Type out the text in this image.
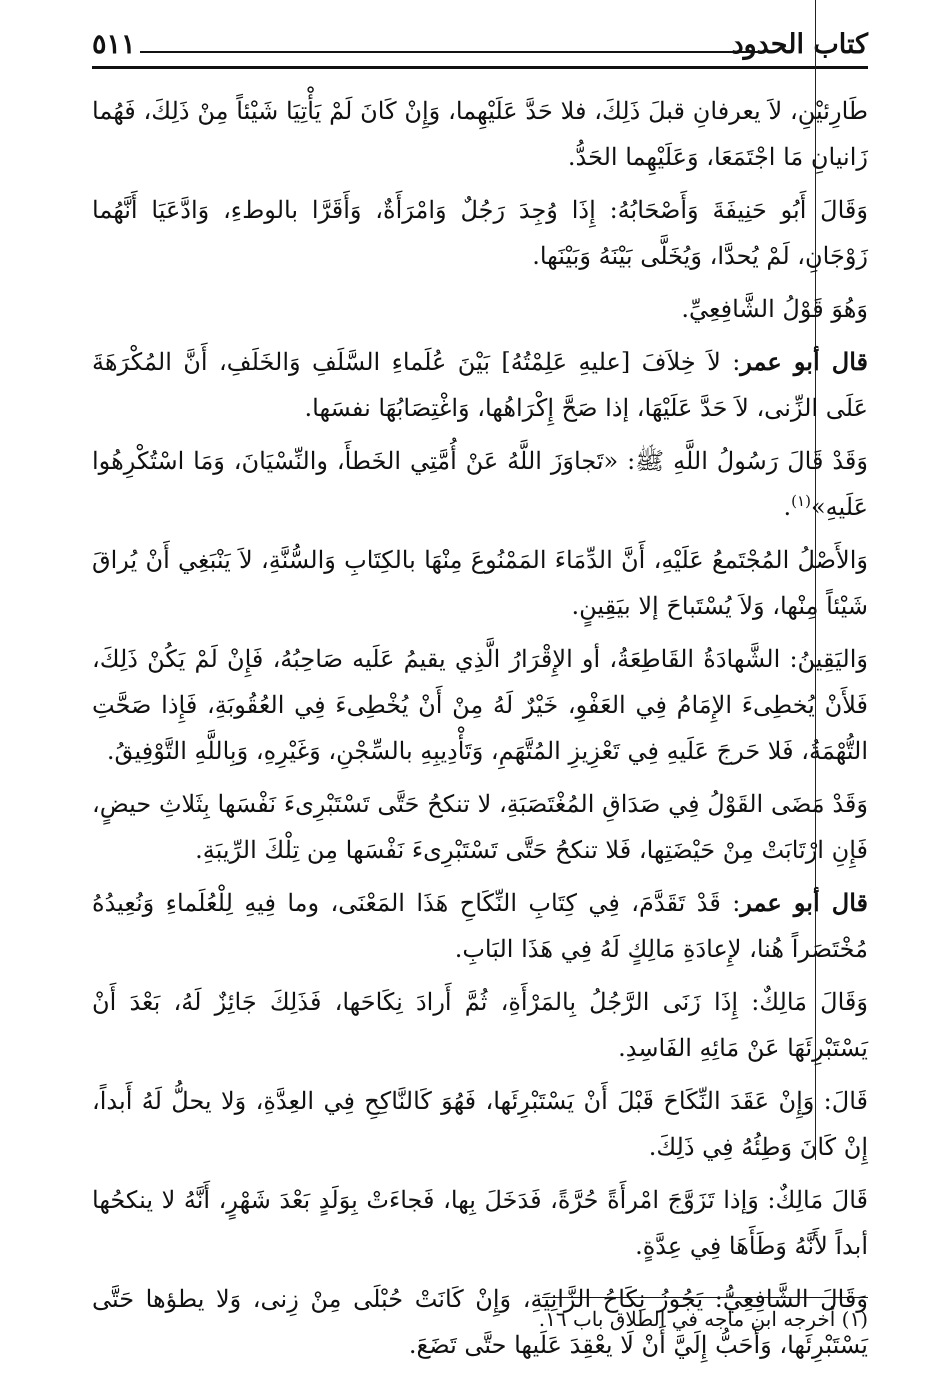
كتاب الحدود
٥١١

طَارِئيْنِ، لاَ يعرفانِ قبلَ ذَلِكَ، فلا حَدَّ عَلَيْهِما، وَإِنْ كَانَ لَمْ يَأْتِيَا شَيْئاً مِنْ ذَلِكَ، فَهُما زَانيانِ مَا اجْتَمَعَا، وَعَلَيْهِما الحَدُّ.

وَقَالَ أَبُو حَنِيفَةَ وَأَصْحَابُهُ: إِذَا وُجِدَ رَجُلٌ وَامْرَأَةٌ، وَأَقَرَّا بالوطءِ، وَادَّعَيَا أَنَّهُما زَوْجَانِ، لَمْ يُحدَّا، وَيُخَلَّى بَيْنَهُ وَبَيْنَها.

وَهُوَ قَوْلُ الشَّافِعِيِّ.

قال أبو عمر: لاَ خِلاَفَ [عليهِ عَلِمْتُهُ] بَيْنَ عُلَماءِ السَّلَفِ وَالخَلَفِ، أَنَّ المُكْرَهَةَ عَلَى الزِّنى، لاَ حَدَّ عَلَيْهَا، إذا صَحَّ إِكْرَاهُها، وَاغْتِصَابُهَا نفسَها.

وَقَدْ قَالَ رَسُولُ اللَّهِ ﷺ: «تَجاوَزَ اللَّهُ عَنْ أُمَّتِي الخَطأَ، والنِّسْيَانَ، وَمَا اسْتُكْرِهُوا عَلَيهِ»$^{(١)}$.

وَالأَصْلُ المُجْتَمعُ عَلَيْهِ، أَنَّ الدِّمَاءَ المَمْنُوعَ مِنْهَا بالكِتَابِ وَالسُّنَّةِ، لاَ يَنْبَغِي أَنْ يُراقَ شَيْئاً مِنْها، وَلاَ يُسْتَباحَ إلا بيَقِينٍ.

وَاليَقِينُ: الشَّهادَةُ القَاطِعَةُ، أو الإِقْرَارُ الَّذِي يقيمُ عَلَيه صَاحِبُهُ، فَإِنْ لَمْ يَكُنْ ذَلِكَ، فَلأَنْ يُخطِىءَ الإِمَامُ فِي العَفْوِ، خَيْرٌ لَهُ مِنْ أَنْ يُخْطِىءَ فِي العُقُوبَةِ، فَإِذا صَحَّتِ التُّهْمَةُ، فَلا حَرجَ عَلَيهِ فِي تَعْزِيزِ المُتَّهَمِ، وَتَأْدِيبِهِ بالسِّجْنِ، وَغَيْرِهِ، وَبِاللَّهِ التَّوْفِيقُ.

وَقَدْ مَضَى القَوْلُ فِي صَدَاقِ المُغْتَصَبَةِ، لا تنكحُ حَتَّى تَسْتَبْرِىءَ نَفْسَها بِثَلاثِ حيضٍ، فَإِنِ ارْتَابَتْ مِنْ حَيْضَتِها، فَلا تنكحُ حَتَّى تَسْتَبْرِىءَ نَفْسَها مِن تِلْكَ الرِّيبَةِ.

قال أبو عمر: قَدْ تَقَدَّمَ، فِي كِتَابِ النِّكَاحِ هَذَا المَعْنَى، وما فِيهِ لِلْعُلَماءِ وَنُعِيدُهُ مُخْتَصَراً هُنا، لإِعادَةِ مَالِكٍ لَهُ فِي هَذَا البَابِ.

وَقَالَ مَالِكٌ: إِذَا زَنَى الرَّجُلُ بِالمَرْأَةِ، ثُمَّ أَرادَ نِكَاحَها، فَذَلِكَ جَائِزٌ لَهُ، بَعْدَ أَنْ يَسْتَبْرِئَهَا عَنْ مَائِهِ الفَاسِدِ.

قَالَ: وَإِنْ عَقَدَ النِّكَاحَ قَبْلَ أَنْ يَسْتَبْرِئَها، فَهُوَ كَالنَّاكِحِ فِي العِدَّةِ، وَلا يحلُّ لَهُ أَبداً، إِنْ كَانَ وَطِئُهُ فِي ذَلِكَ.

قَالَ مَالِكٌ: وَإذا تَزَوَّجَ امْرأَةً حُرَّةً، فَدَخَلَ بِها، فَجاءَتْ بِوَلَدٍ بَعْدَ شَهْرٍ، أَنَّهُ لا ينكحُها أبداً لأَنَّهُ وَطَأَهَا فِي عِدَّةٍ.

وَقَالَ الشَّافِعِيُّ: يَجُوزُ نِكَاحُ الزَّانِيَةِ، وَإِنْ كَانَتْ حُبْلَى مِنْ زِنى، وَلا يطؤها حَتَّى يَسْتَبْرِئَها، وَأَحَبُّ إِلَيَّ أَنْ لَا يعْقِدَ عَلَيها حتَّى تَضَعَ.

(١) أخرجه ابن ماجه في الطلاق باب ١٦.
